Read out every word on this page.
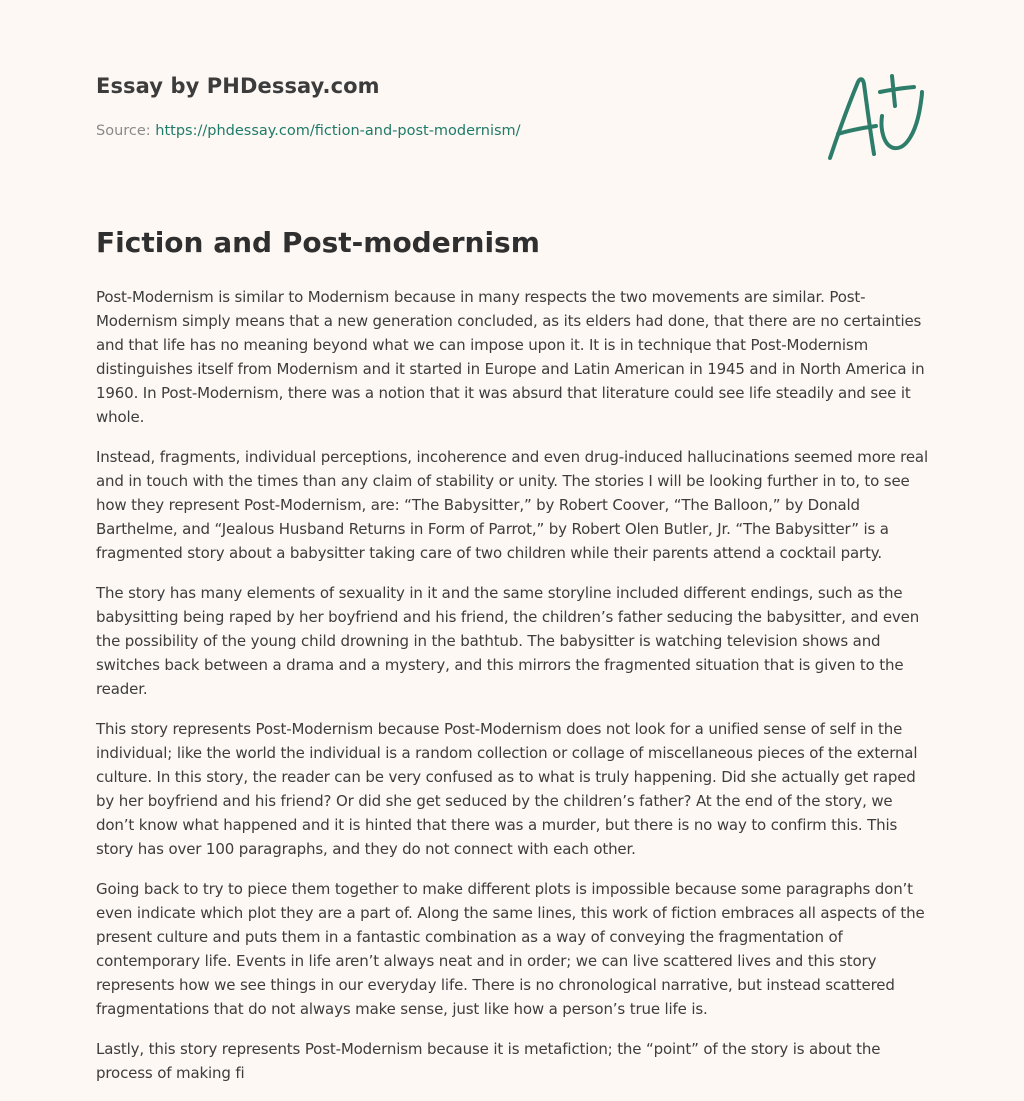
Essay by PHDessay.com
Source: https://phdessay.com/fiction-and-post-modernism/
Fiction and Post-modernism

Post-Modernism is similar to Modernism because in many respects the two movements are similar. Post-Modernism simply means that a new generation concluded, as its elders had done, that there are no certainties and that life has no meaning beyond what we can impose upon it. It is in technique that Post-Modernism distinguishes itself from Modernism and it started in Europe and Latin American in 1945 and in North America in 1960. In Post-Modernism, there was a notion that it was absurd that literature could see life steadily and see it whole.

Instead, fragments, individual perceptions, incoherence and even drug-induced hallucinations seemed more real and in touch with the times than any claim of stability or unity. The stories I will be looking further in to, to see how they represent Post-Modernism, are: “The Babysitter,” by Robert Coover, “The Balloon,” by Donald Barthelme, and “Jealous Husband Returns in Form of Parrot,” by Robert Olen Butler, Jr. “The Babysitter” is a fragmented story about a babysitter taking care of two children while their parents attend a cocktail party.

The story has many elements of sexuality in it and the same storyline included different endings, such as the babysitting being raped by her boyfriend and his friend, the children’s father seducing the babysitter, and even the possibility of the young child drowning in the bathtub. The babysitter is watching television shows and switches back between a drama and a mystery, and this mirrors the fragmented situation that is given to the reader.

This story represents Post-Modernism because Post-Modernism does not look for a unified sense of self in the individual; like the world the individual is a random collection or collage of miscellaneous pieces of the external culture. In this story, the reader can be very confused as to what is truly happening. Did she actually get raped by her boyfriend and his friend? Or did she get seduced by the children’s father? At the end of the story, we don’t know what happened and it is hinted that there was a murder, but there is no way to confirm this. This story has over 100 paragraphs, and they do not connect with each other.

Going back to try to piece them together to make different plots is impossible because some paragraphs don’t even indicate which plot they are a part of. Along the same lines, this work of fiction embraces all aspects of the present culture and puts them in a fantastic combination as a way of conveying the fragmentation of contemporary life. Events in life aren’t always neat and in order; we can live scattered lives and this story represents how we see things in our everyday life. There is no chronological narrative, but instead scattered fragmentations that do not always make sense, just like how a person’s true life is.

Lastly, this story represents Post-Modernism because it is metafiction; the “point” of the story is about the process of making fi
